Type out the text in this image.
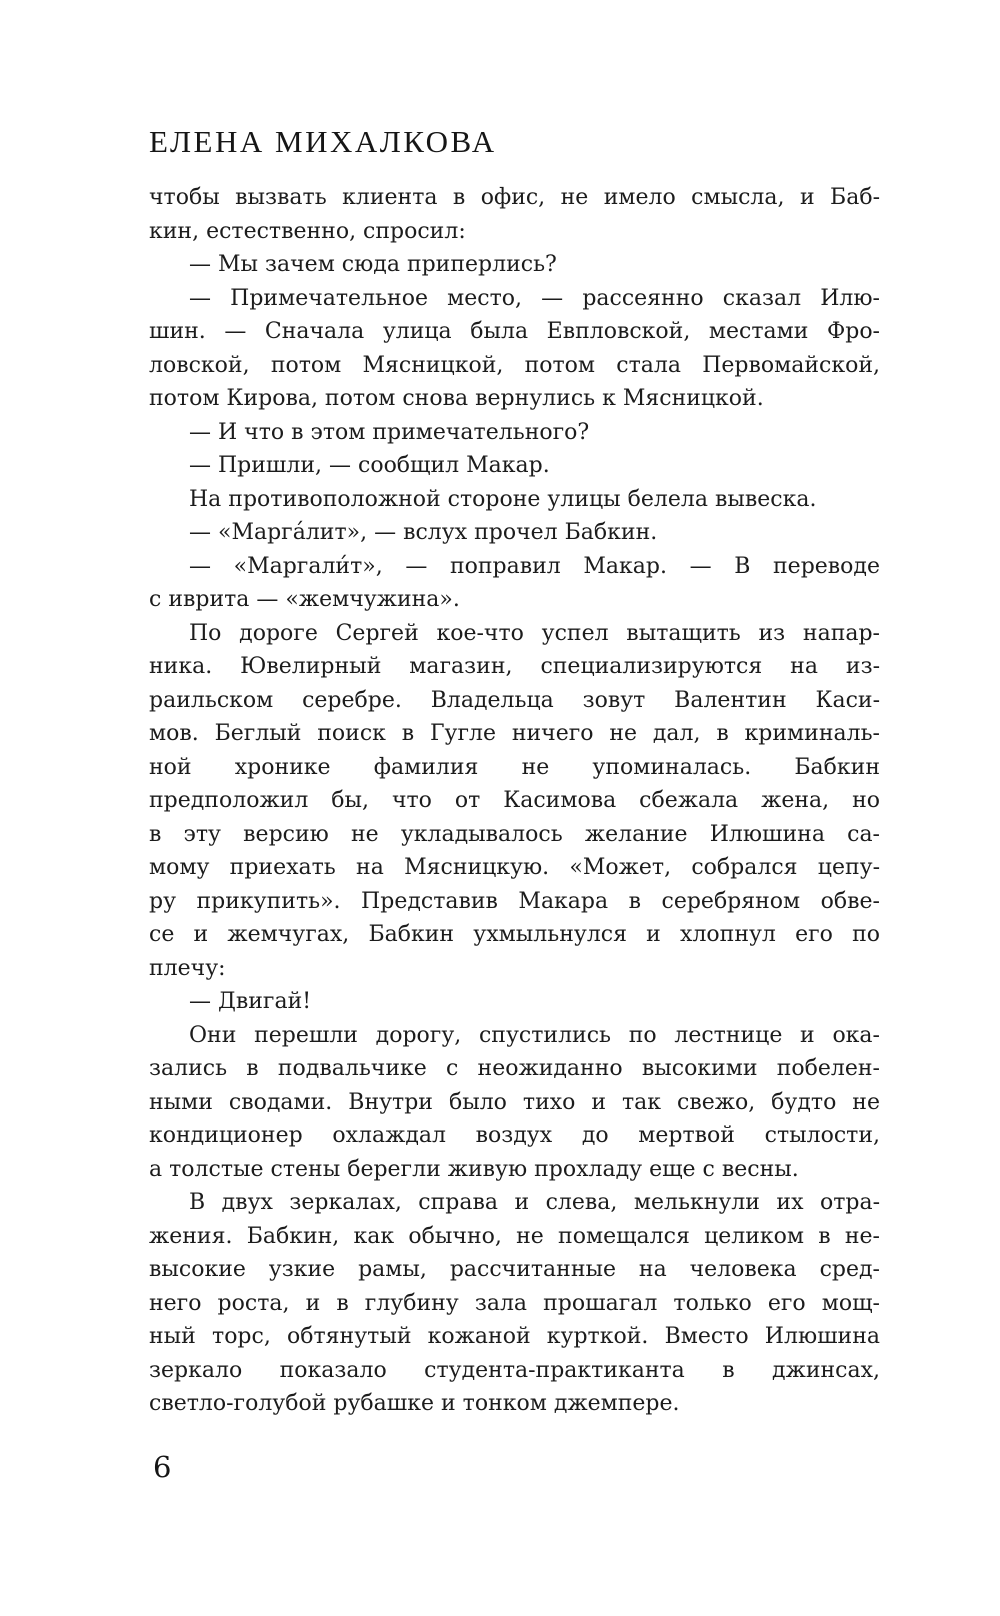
ЕЛЕНА МИХАЛКОВА
чтобы вызвать клиента в офис, не имело смысла, и Баб-
кин, естественно, спросил:
— Мы зачем сюда приперлись?
— Примечательное место, — рассеянно сказал Илю-
шин. — Сначала улица была Евпловской, местами Фро-
ловской, потом Мясницкой, потом стала Первомайской,
потом Кирова, потом снова вернулись к Мясницкой.
— И что в этом примечательного?
— Пришли, — сообщил Макар.
На противоположной стороне улицы белела вывеска.
— «Марга́лит», — вслух прочел Бабкин.
— «Маргали́т», — поправил Макар. — В переводе
с иврита — «жемчужина».
По дороге Сергей кое-что успел вытащить из напар-
ника. Ювелирный магазин, специализируются на из-
раильском серебре. Владельца зовут Валентин Каси-
мов. Беглый поиск в Гугле ничего не дал, в криминаль-
ной хронике фамилия не упоминалась. Бабкин
предположил бы, что от Касимова сбежала жена, но
в эту версию не укладывалось желание Илюшина са-
мому приехать на Мясницкую. «Может, собрался цепу-
ру прикупить». Представив Макара в серебряном обве-
се и жемчугах, Бабкин ухмыльнулся и хлопнул его по
плечу:
— Двигай!
Они перешли дорогу, спустились по лестнице и ока-
зались в подвальчике с неожиданно высокими побелен-
ными сводами. Внутри было тихо и так свежо, будто не
кондиционер охлаждал воздух до мертвой стылости,
а толстые стены берегли живую прохладу еще с весны.
В двух зеркалах, справа и слева, мелькнули их отра-
жения. Бабкин, как обычно, не помещался целиком в не-
высокие узкие рамы, рассчитанные на человека сред-
него роста, и в глубину зала прошагал только его мощ-
ный торс, обтянутый кожаной курткой. Вместо Илюшина
зеркало показало студента-практиканта в джинсах,
светло-голубой рубашке и тонком джемпере.
6
